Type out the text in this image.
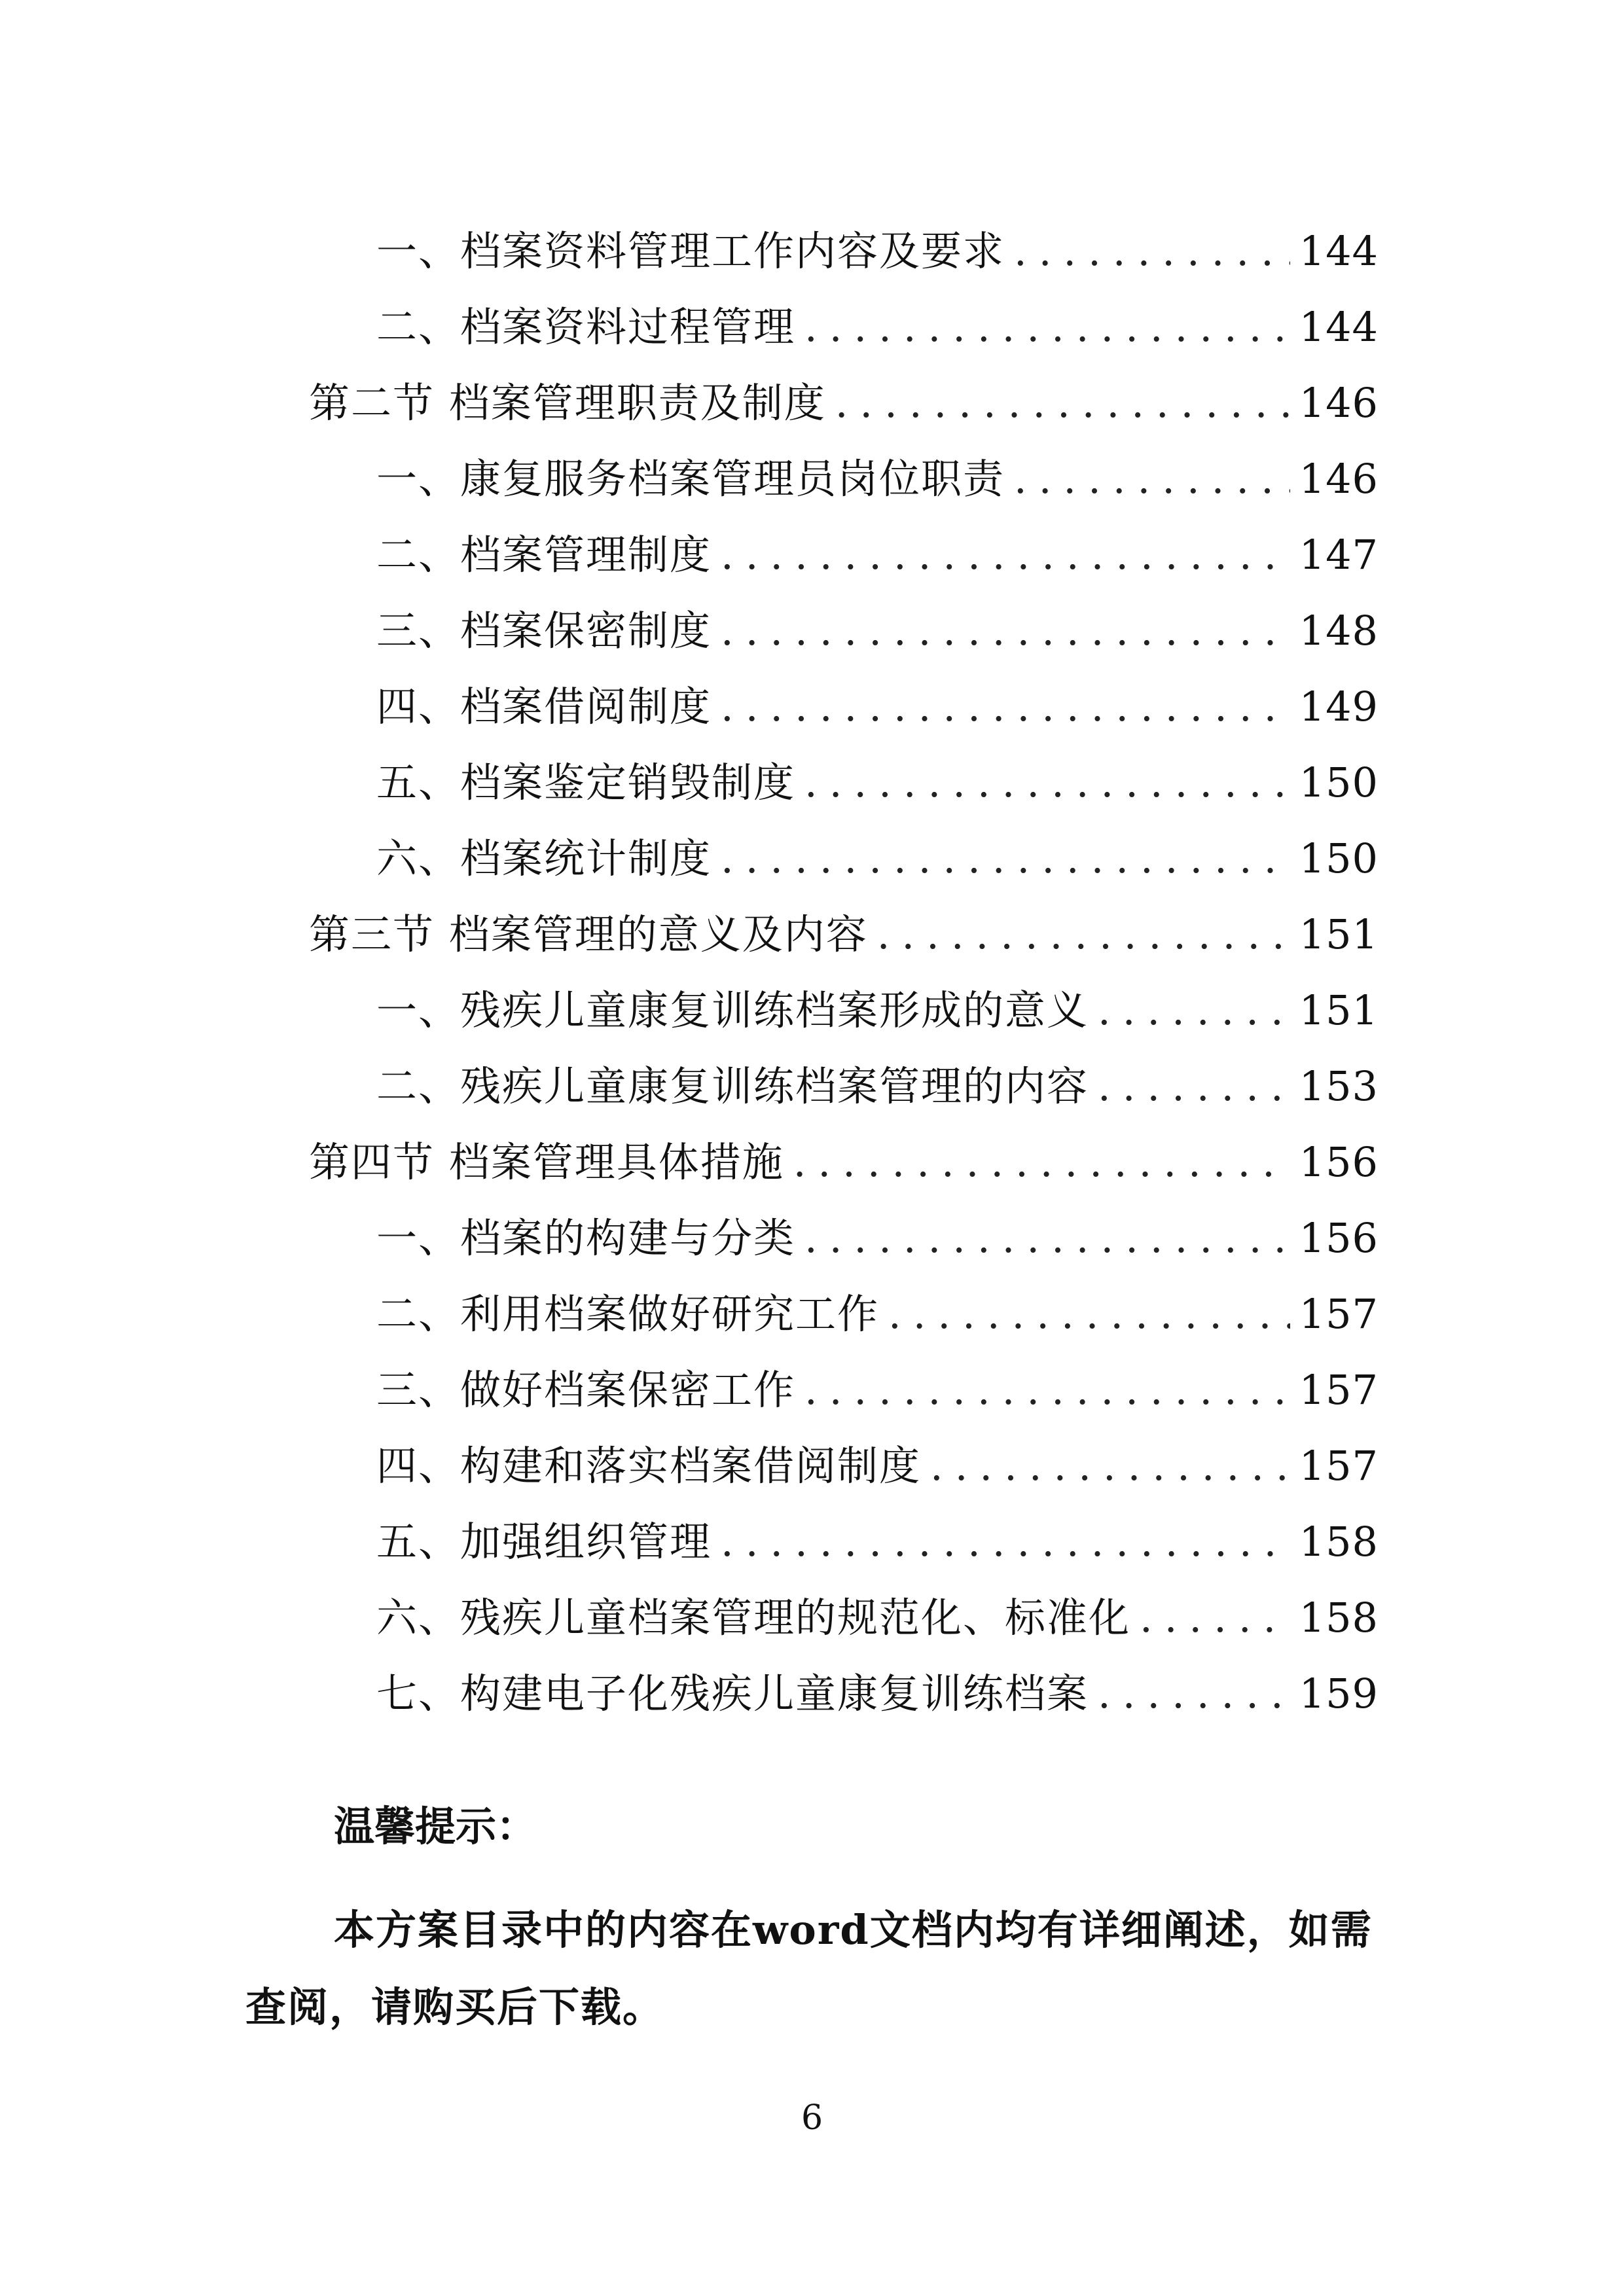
一、档案资料管理工作内容及要求 .....	144
二、档案资料过程管理 .....	144
第二节 档案管理职责及制度 .....	146
一、康复服务档案管理员岗位职责 .....	146
二、档案管理制度 .....	147
三、档案保密制度 .....	148
四、档案借阅制度 .....	149
五、档案鉴定销毁制度 .....	150
六、档案统计制度 .....	150
第三节 档案管理的意义及内容 .....	151
一、残疾儿童康复训练档案形成的意义 .....	151
二、残疾儿童康复训练档案管理的内容 .....	153
第四节 档案管理具体措施 .....	156
一、档案的构建与分类 .....	156
二、利用档案做好研究工作 .....	157
三、做好档案保密工作 .....	157
四、构建和落实档案借阅制度 .....	157
五、加强组织管理 .....	158
六、残疾儿童档案管理的规范化、标准化 .....	158
七、构建电子化残疾儿童康复训练档案 .....	159
温馨提示：
本方案目录中的内容在word文档内均有详细阐述，如需查阅，请购买后下载。
6
